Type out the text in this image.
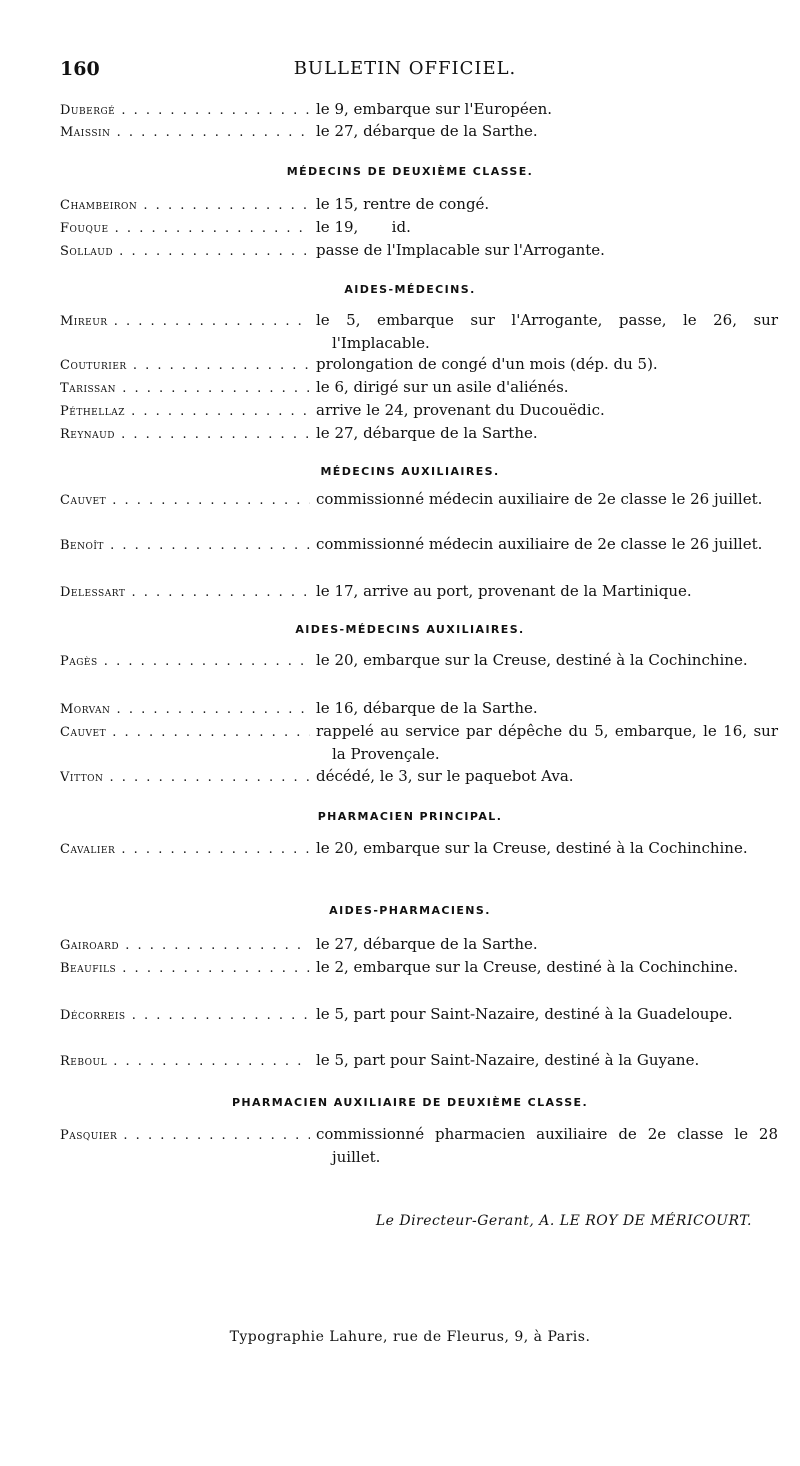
160	BULLETIN OFFICIEL.
Dubergé . . .	le 9, embarque sur l'Européen.
Maissin . . .	le 27, débarque de la Sarthe.
MÉDECINS DE DEUXIÈME CLASSE.
Chambeiron . . .	le 15, rentre de congé.
Fouque . . .	le 19,       id.
Sollaud . . .	passe de l'Implacable sur l'Arrogante.
AIDES-MÉDECINS.
Mireur . . .	le 5, embarque sur l'Arrogante, passe, le 26, sur l'Implacable.
Couturier . . .	prolongation de congé d'un mois (dép. du 5).
Tarissan . . .	le 6, dirigé sur un asile d'aliénés.
Péthellaz . . .	arrive le 24, provenant du Ducouëdic.
Reynaud . . .	le 27, débarque de la Sarthe.
MÉDECINS AUXILIAIRES.
Cauvet . . .	commissionné médecin auxiliaire de 2e classe le 26 juillet.
Benoît . . .	commissionné médecin auxiliaire de 2e classe le 26 juillet.
Delessart . . .	le 17, arrive au port, provenant de la Martinique.
AIDES-MÉDECINS AUXILIAIRES.
Pagès . . .	le 20, embarque sur la Creuse, destiné à la Cochinchine.
Morvan . . .	le 16, débarque de la Sarthe.
Cauvet . . .	rappelé au service par dépêche du 5, embarque, le 16, sur la Provençale.
Vitton . . .	décédé, le 3, sur le paquebot Ava.
PHARMACIEN PRINCIPAL.
Cavalier . . .	le 20, embarque sur la Creuse, destiné à la Cochinchine.
AIDES-PHARMACIENS.
Gairoard . . .	le 27, débarque de la Sarthe.
Beaufils . . .	le 2, embarque sur la Creuse, destiné à la Cochinchine.
Décorreis . . .	le 5, part pour Saint-Nazaire, destiné à la Guadeloupe.
Reboul . . .	le 5, part pour Saint-Nazaire, destiné à la Guyane.
PHARMACIEN AUXILIAIRE DE DEUXIÈME CLASSE.
Pasquier . . .	commissionné pharmacien auxiliaire de 2e classe le 28 juillet.
Le Directeur-Gerant, A. LE ROY DE MÉRICOURT.
Typographie Lahure, rue de Fleurus, 9, à Paris.
